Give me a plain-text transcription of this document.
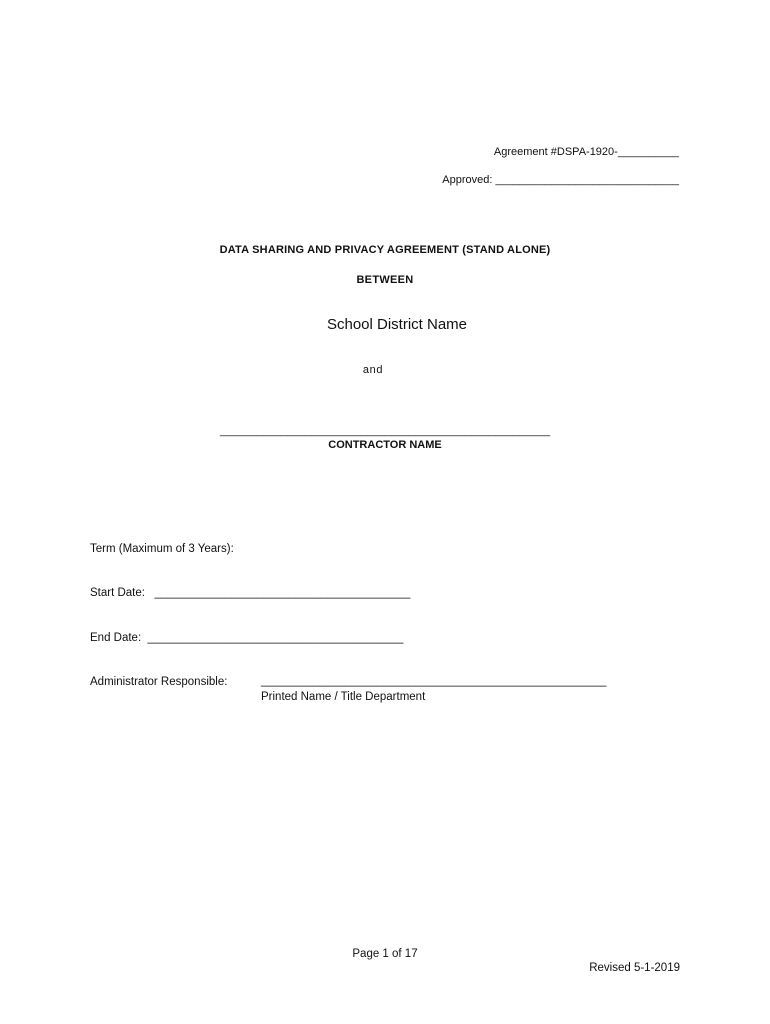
Agreement #DSPA-1920-__________
Approved: ______________________________
DATA SHARING AND PRIVACY AGREEMENT (STAND ALONE)
BETWEEN
School District Name
and
______________________________________________________
CONTRACTOR NAME
Term (Maximum of 3 Years):
Start Date:   ________________________________________
End Date:  ________________________________________
Administrator Responsible:	______________________________________________________
Printed Name / Title Department
Page 1 of 17
Revised 5-1-2019
